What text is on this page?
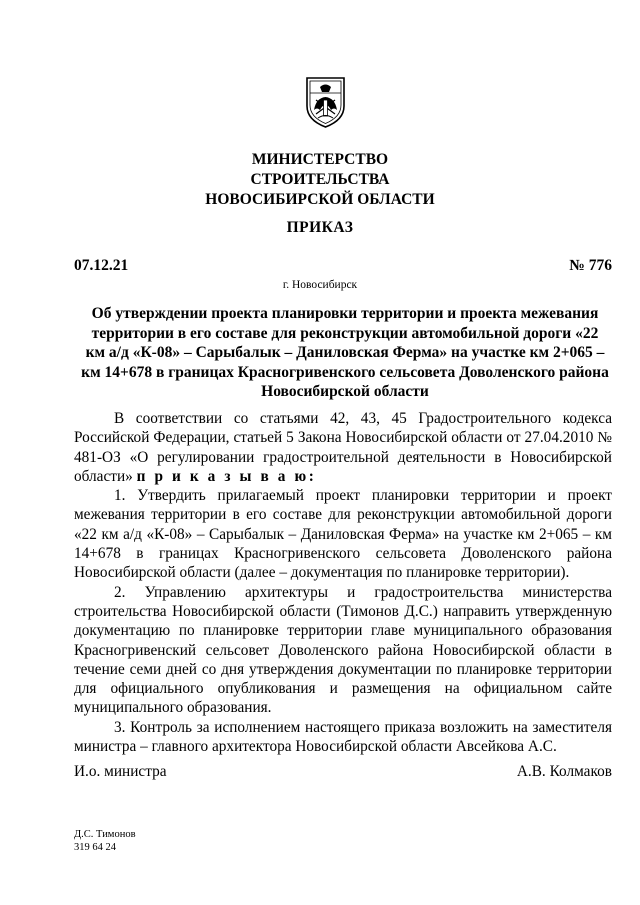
МИНИСТЕРСТВО
СТРОИТЕЛЬСТВА
НОВОСИБИРСКОЙ ОБЛАСТИ
ПРИКАЗ
07.12.21	№ 776
г. Новосибирск
Об утверждении проекта планировки территории и проекта межевания территории в его составе для реконструкции автомобильной дороги «22 км а/д «К-08» – Сарыбалык – Даниловская Ферма» на участке км 2+065 – км 14+678 в границах Красногривенского сельсовета Доволенского района Новосибирской области

В соответствии со статьями 42, 43, 45 Градостроительного кодекса Российской Федерации, статьей 5 Закона Новосибирской области от 27.04.2010 № 481-ОЗ «О регулировании градостроительной деятельности в Новосибирской области» п р и к а з ы в а ю:

1. Утвердить прилагаемый проект планировки территории и проект межевания территории в его составе для реконструкции автомобильной дороги «22 км а/д «К-08» – Сарыбалык – Даниловская Ферма» на участке км 2+065 – км 14+678 в границах Красногривенского сельсовета Доволенского района Новосибирской области (далее – документация по планировке территории).

2. Управлению архитектуры и градостроительства министерства строительства Новосибирской области (Тимонов Д.С.) направить утвержденную документацию по планировке территории главе муниципального образования Красногривенский сельсовет Доволенского района Новосибирской области в течение семи дней со дня утверждения документации по планировке территории для официального опубликования и размещения на официальном сайте муниципального образования.

3. Контроль за исполнением настоящего приказа возложить на заместителя министра – главного архитектора Новосибирской области Авсейкова А.С.

И.о. министра	А.В. Колмаков
Д.С. Тимонов
319 64 24
